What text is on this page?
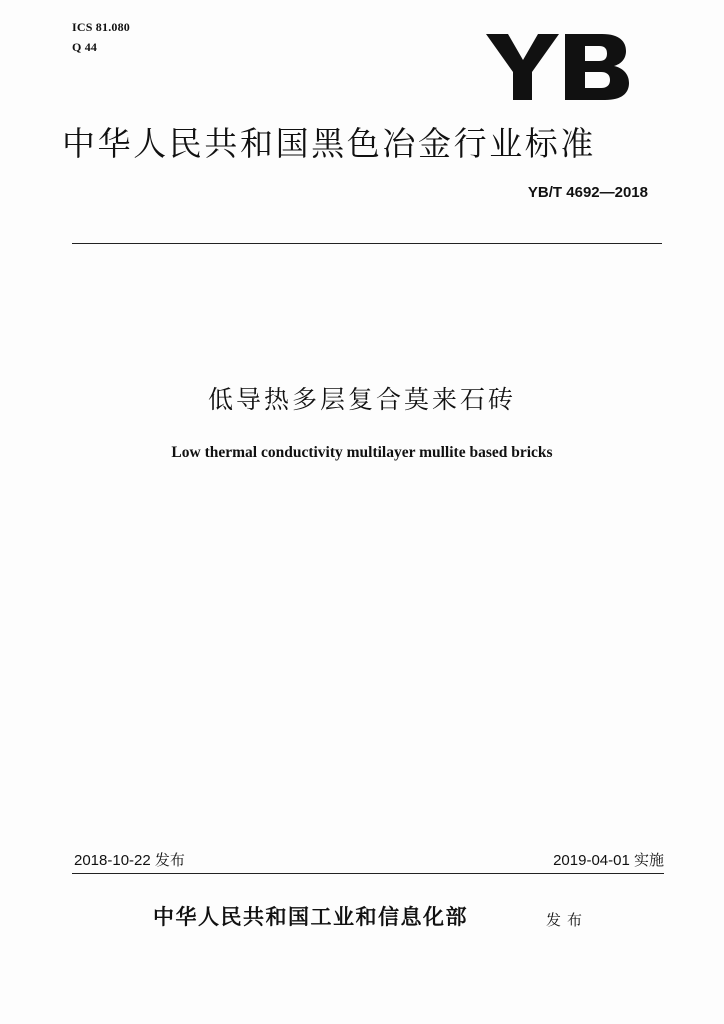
ICS 81.080
Q 44
中华人民共和国黑色冶金行业标准
YB/T 4692—2018
低导热多层复合莫来石砖
Low thermal conductivity multilayer mullite based bricks
2018-10-22 发布	2019-04-01 实施
中华人民共和国工业和信息化部	发布
